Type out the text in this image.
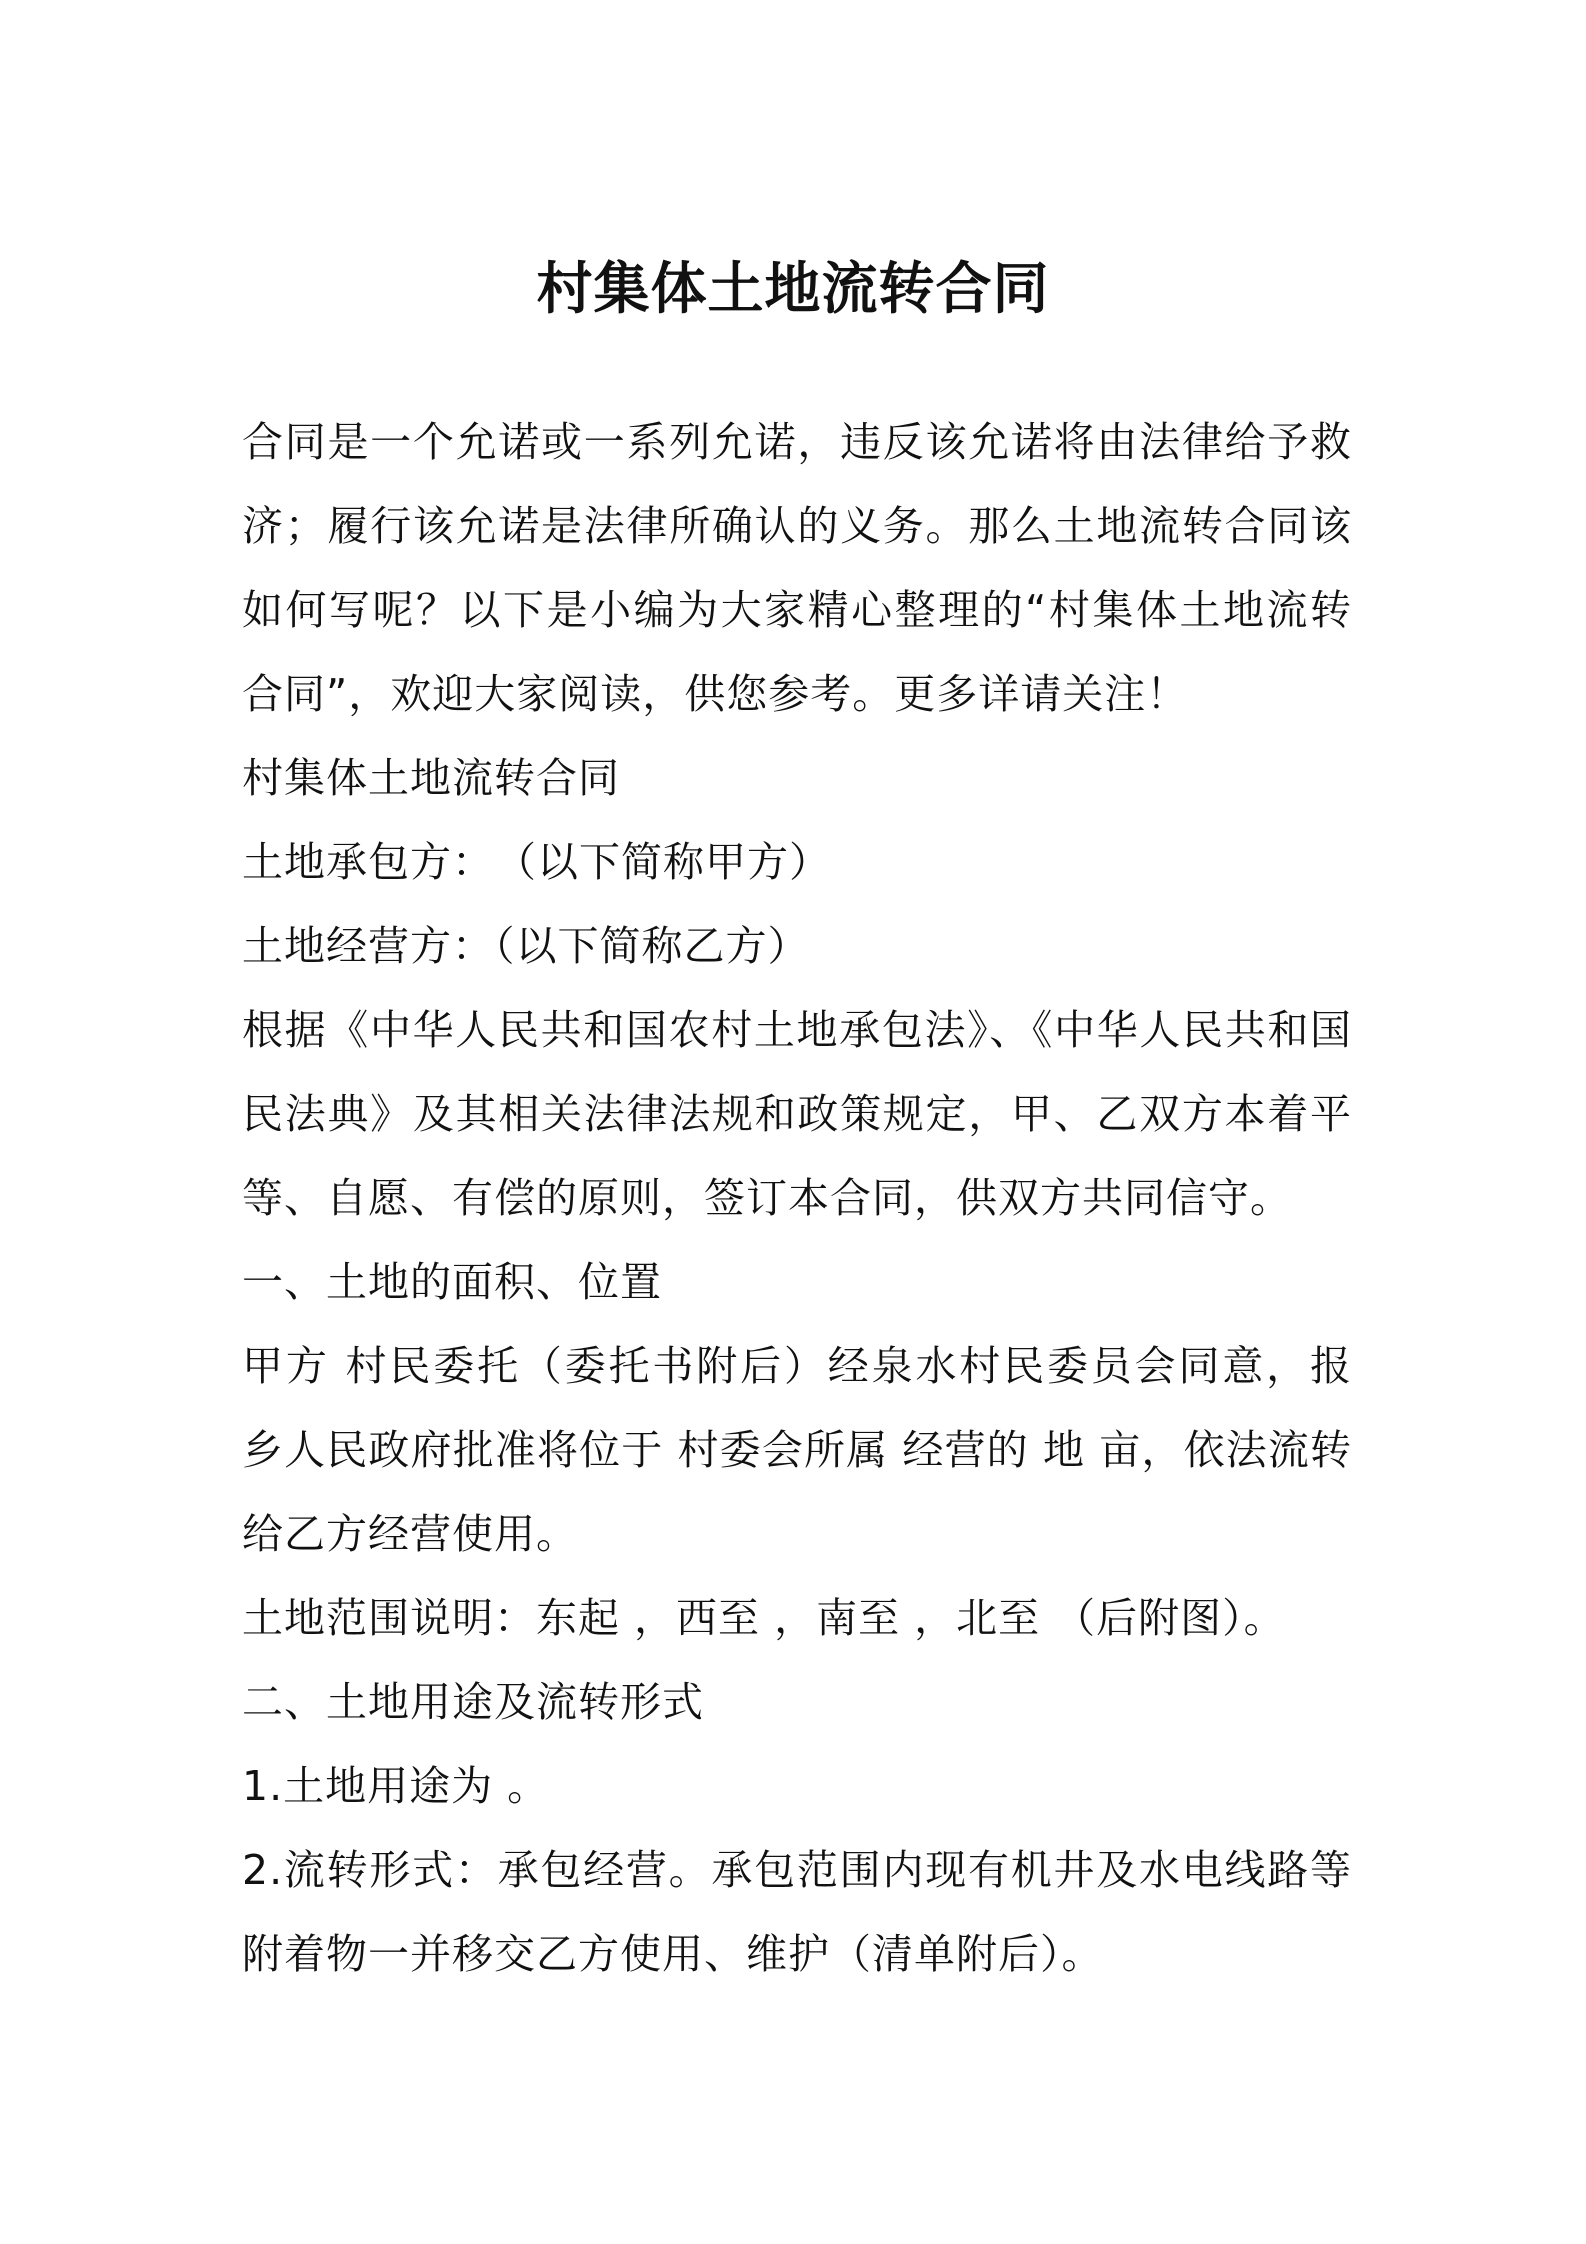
村集体土地流转合同

合同是一个允诺或一系列允诺，违反该允诺将由法律给予救济；履行该允诺是法律所确认的义务。那么土地流转合同该如何写呢？以下是小编为大家精心整理的“村集体土地流转合同”，欢迎大家阅读，供您参考。更多详请关注！

村集体土地流转合同

土地承包方：　（以下简称甲方）

土地经营方：（以下简称乙方）

根据《中华人民共和国农村土地承包法》、《中华人民共和国民法典》及其相关法律法规和政策规定，甲、乙双方本着平等、自愿、有偿的原则，签订本合同，供双方共同信守。

一、土地的面积、位置

甲方 村民委托（委托书附后）经泉水村民委员会同意，报 乡人民政府批准将位于 村委会所属 经营的 地 亩，依法流转给乙方经营使用。

土地范围说明：东起 ，西至 ，南至 ，北至 （后附图）。

二、土地用途及流转形式

1.土地用途为 。

2.流转形式：承包经营。承包范围内现有机井及水电线路等附着物一并移交乙方使用、维护（清单附后）。
